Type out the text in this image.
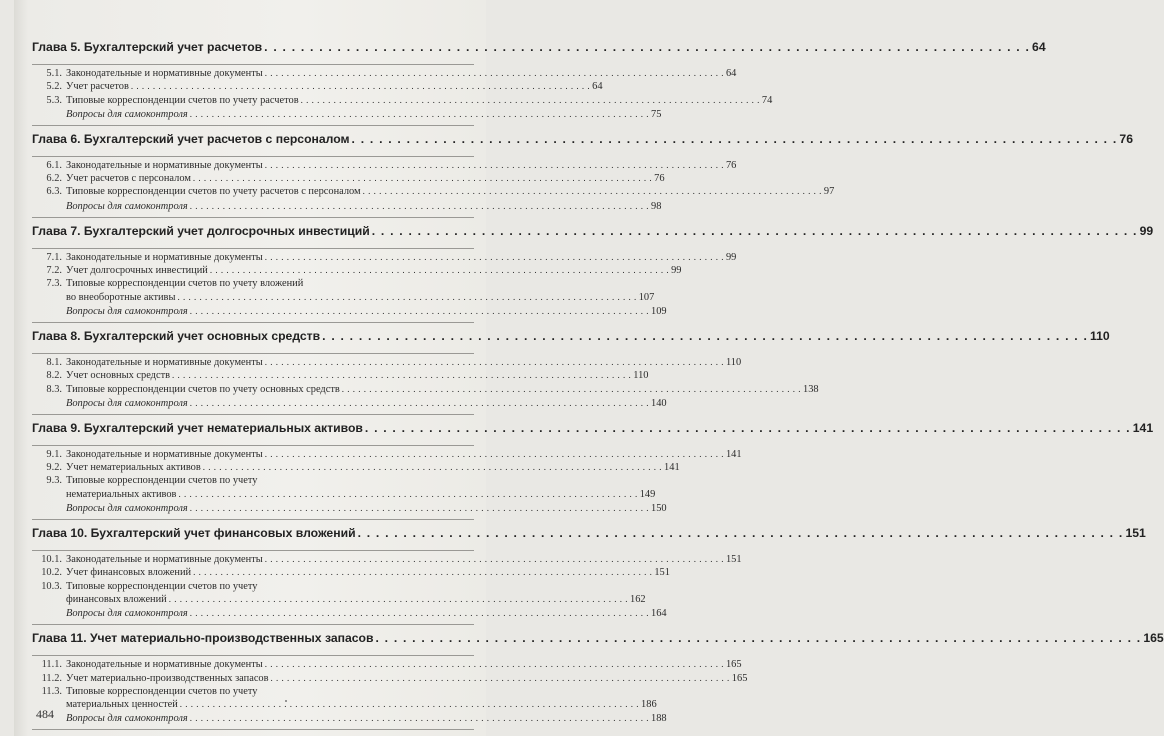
Глава 5. Бухгалтерский учет расчетов . . .	64
5.1. Законодательные и нормативные документы . . .	64
5.2. Учет расчетов . . .	64
5.3. Типовые корреспонденции счетов по учету расчетов . . .	74
Вопросы для самоконтроля . . .	75
Глава 6. Бухгалтерский учет расчетов с персоналом . . .	76
6.1. Законодательные и нормативные документы . . .	76
6.2. Учет расчетов с персоналом . . .	76
6.3. Типовые корреспонденции счетов по учету расчетов с персоналом . . .	97
Вопросы для самоконтроля . . .	98
Глава 7. Бухгалтерский учет долгосрочных инвестиций . . .	99
7.1. Законодательные и нормативные документы . . .	99
7.2. Учет долгосрочных инвестиций . . .	99
7.3. Типовые корреспонденции счетов по учету вложений
во внеоборотные активы . . .	107
Вопросы для самоконтроля . . .	109
Глава 8. Бухгалтерский учет основных средств . . .	110
8.1. Законодательные и нормативные документы . . .	110
8.2. Учет основных средств . . .	110
8.3. Типовые корреспонденции счетов по учету основных средств . . .	138
Вопросы для самоконтроля . . .	140
Глава 9. Бухгалтерский учет нематериальных активов . . .	141
9.1. Законодательные и нормативные документы . . .	141
9.2. Учет нематериальных активов . . .	141
9.3. Типовые корреспонденции счетов по учету
нематериальных активов . . .	149
Вопросы для самоконтроля . . .	150
Глава 10. Бухгалтерский учет финансовых вложений . . .	151
10.1. Законодательные и нормативные документы . . .	151
10.2. Учет финансовых вложений . . .	151
10.3. Типовые корреспонденции счетов по учету
финансовых вложений . . .	162
Вопросы для самоконтроля . . .	164
Глава 11. Учет материально-производственных запасов . . .	165
11.1. Законодательные и нормативные документы . . .	165
11.2. Учет материально-производственных запасов . . .	165
11.3. Типовые корреспонденции счетов по учету
материальных ценностей . . .	186
Вопросы для самоконтроля . . .	188
484
